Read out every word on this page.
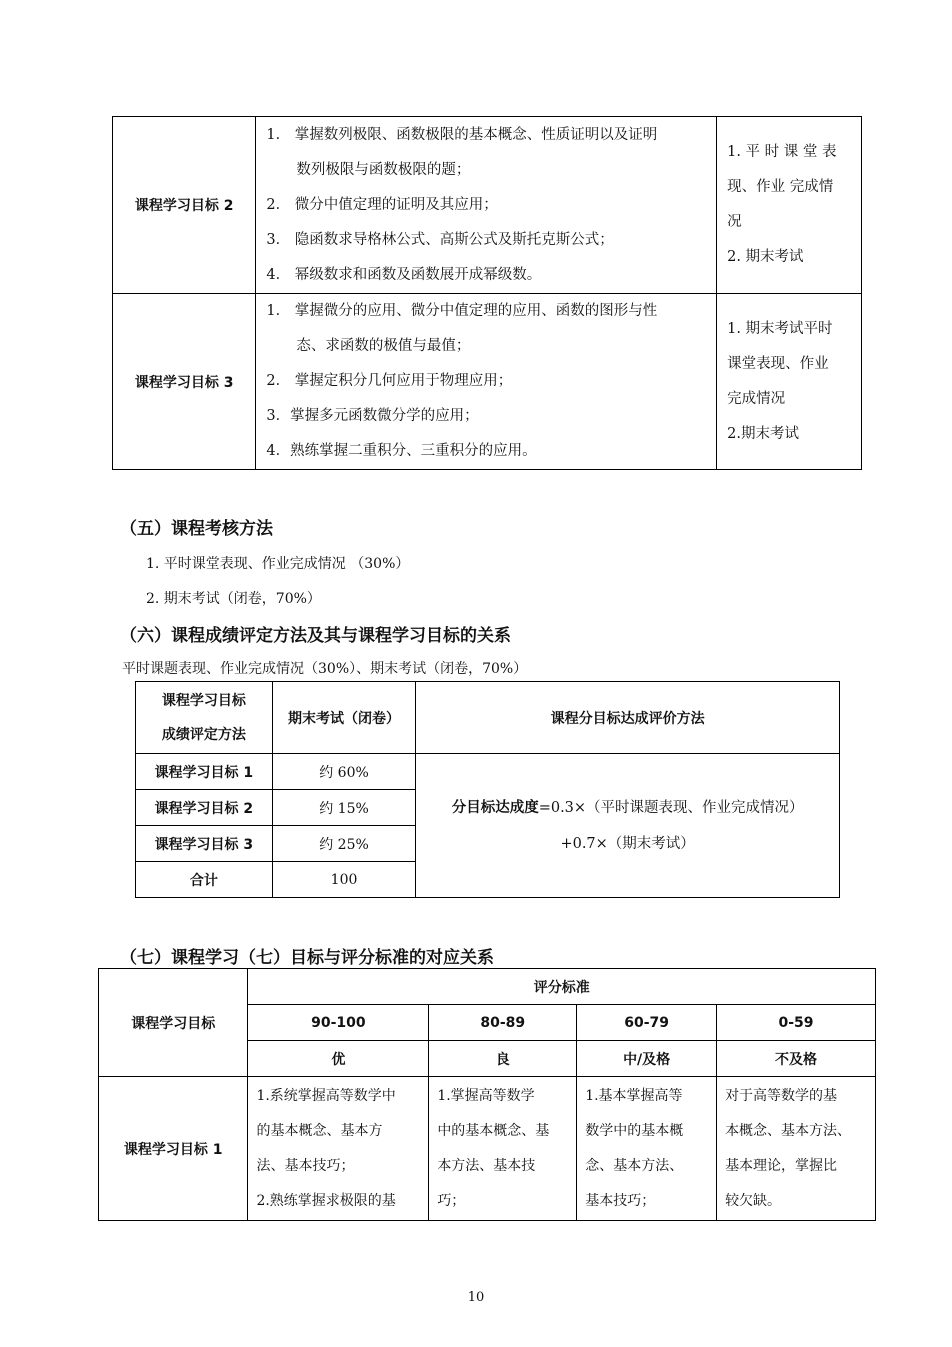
课程学习目标 2	1． 掌握数列极限、函数极限的基本概念、性质证明以及证明
数列极限与函数极限的题；
2． 微分中值定理的证明及其应用；
3． 隐函数求导格林公式、高斯公式及斯托克斯公式；
4． 幂级数求和函数及函数展开成幂级数。	1. 平 时 课 堂 表
现、作业 完成情
况
2. 期末考试

课程学习目标 3	1． 掌握微分的应用、微分中值定理的应用、函数的图形与性
态、求函数的极值与最值；
2． 掌握定积分几何应用于物理应用；
3．掌握多元函数微分学的应用；
4．熟练掌握二重积分、三重积分的应用。	1. 期末考试平时
课堂表现、作业
完成情况
2.期末考试
（五）课程考核方法
1. 平时课堂表现、作业完成情况 （30%）
2. 期末考试（闭卷，70%）
（六）课程成绩评定方法及其与课程学习目标的关系
平时课题表现、作业完成情况（30%）、期末考试（闭卷，70%）
课程学习目标
成绩评定方法	期末考试（闭卷）	课程分目标达成评价方法
课程学习目标 1	约 60%	分目标达成度=0.3×（平时课题表现、作业完成情况）
+0.7×（期末考试）

课程学习目标 2	约 15%	
课程学习目标 3	约 25%	
合计	100	
（七）课程学习（七）目标与评分标准的对应关系
课程学习目标	评分标准			
	90-100	80-89	60-79	0-59
	优	良	中/及格	不及格
课程学习目标 1	1.系统掌握高等数学中
的基本概念、基本方
法、基本技巧；
2.熟练掌握求极限的基	1.掌握高等数学
中的基本概念、基
本方法、基本技
巧；	1.基本掌握高等
数学中的基本概
念、基本方法、
基本技巧；	对于高等数学的基
本概念、基本方法、
基本理论，掌握比
较欠缺。
10
